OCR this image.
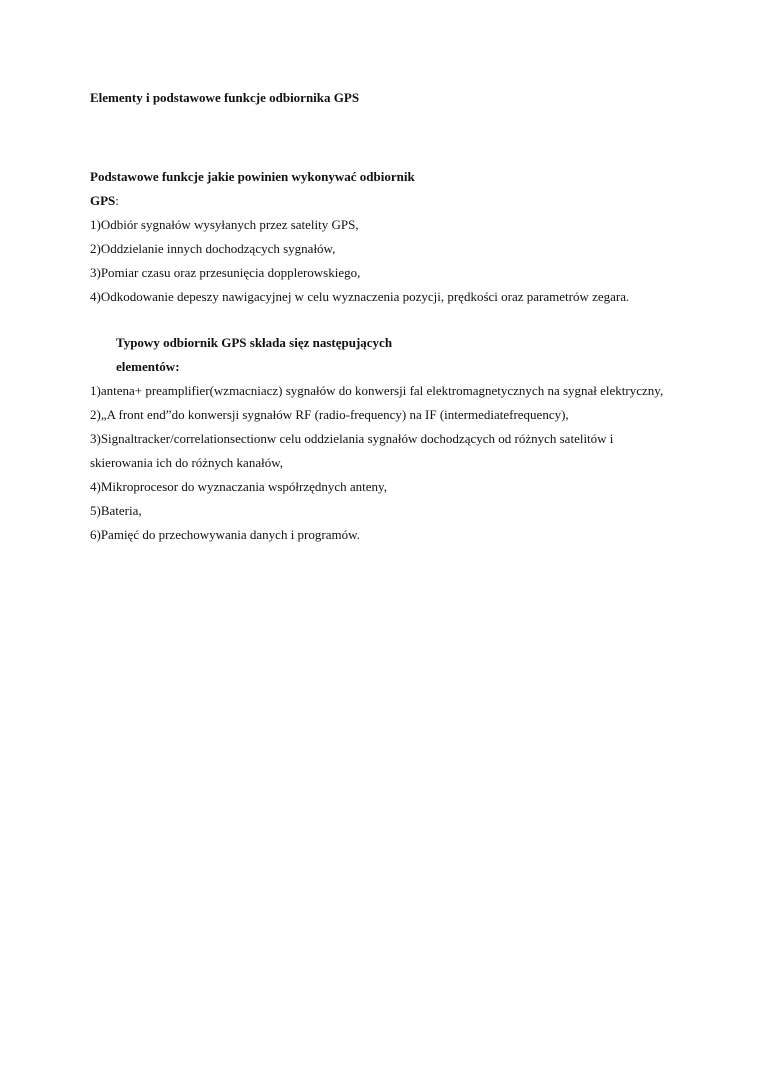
Elementy i podstawowe funkcje odbiornika GPS

Podstawowe funkcje jakie powinien wykonywać odbiornik
GPS:

1)Odbiór sygnałów wysyłanych przez satelity GPS,
2)Oddzielanie innych dochodzących sygnałów,
3)Pomiar czasu oraz przesunięcia dopplerowskiego,
4)Odkodowanie depeszy nawigacyjnej w celu wyznaczenia pozycji, prędkości oraz parametrów zegara.

Typowy odbiornik GPS składa sięz następujących
elementów:

1)antena+ preamplifier(wzmacniacz) sygnałów do konwersji fal elektromagnetycznych na sygnał elektryczny,
2)„A front end”do konwersji sygnałów RF (radio-frequency) na IF (intermediatefrequency),
3)Signaltracker/correlationsectionw celu oddzielania sygnałów dochodzących od różnych satelitów i skierowania ich do różnych kanałów,
4)Mikroprocesor do wyznaczania współrzędnych anteny,
5)Bateria,
6)Pamięć do przechowywania danych i programów.
